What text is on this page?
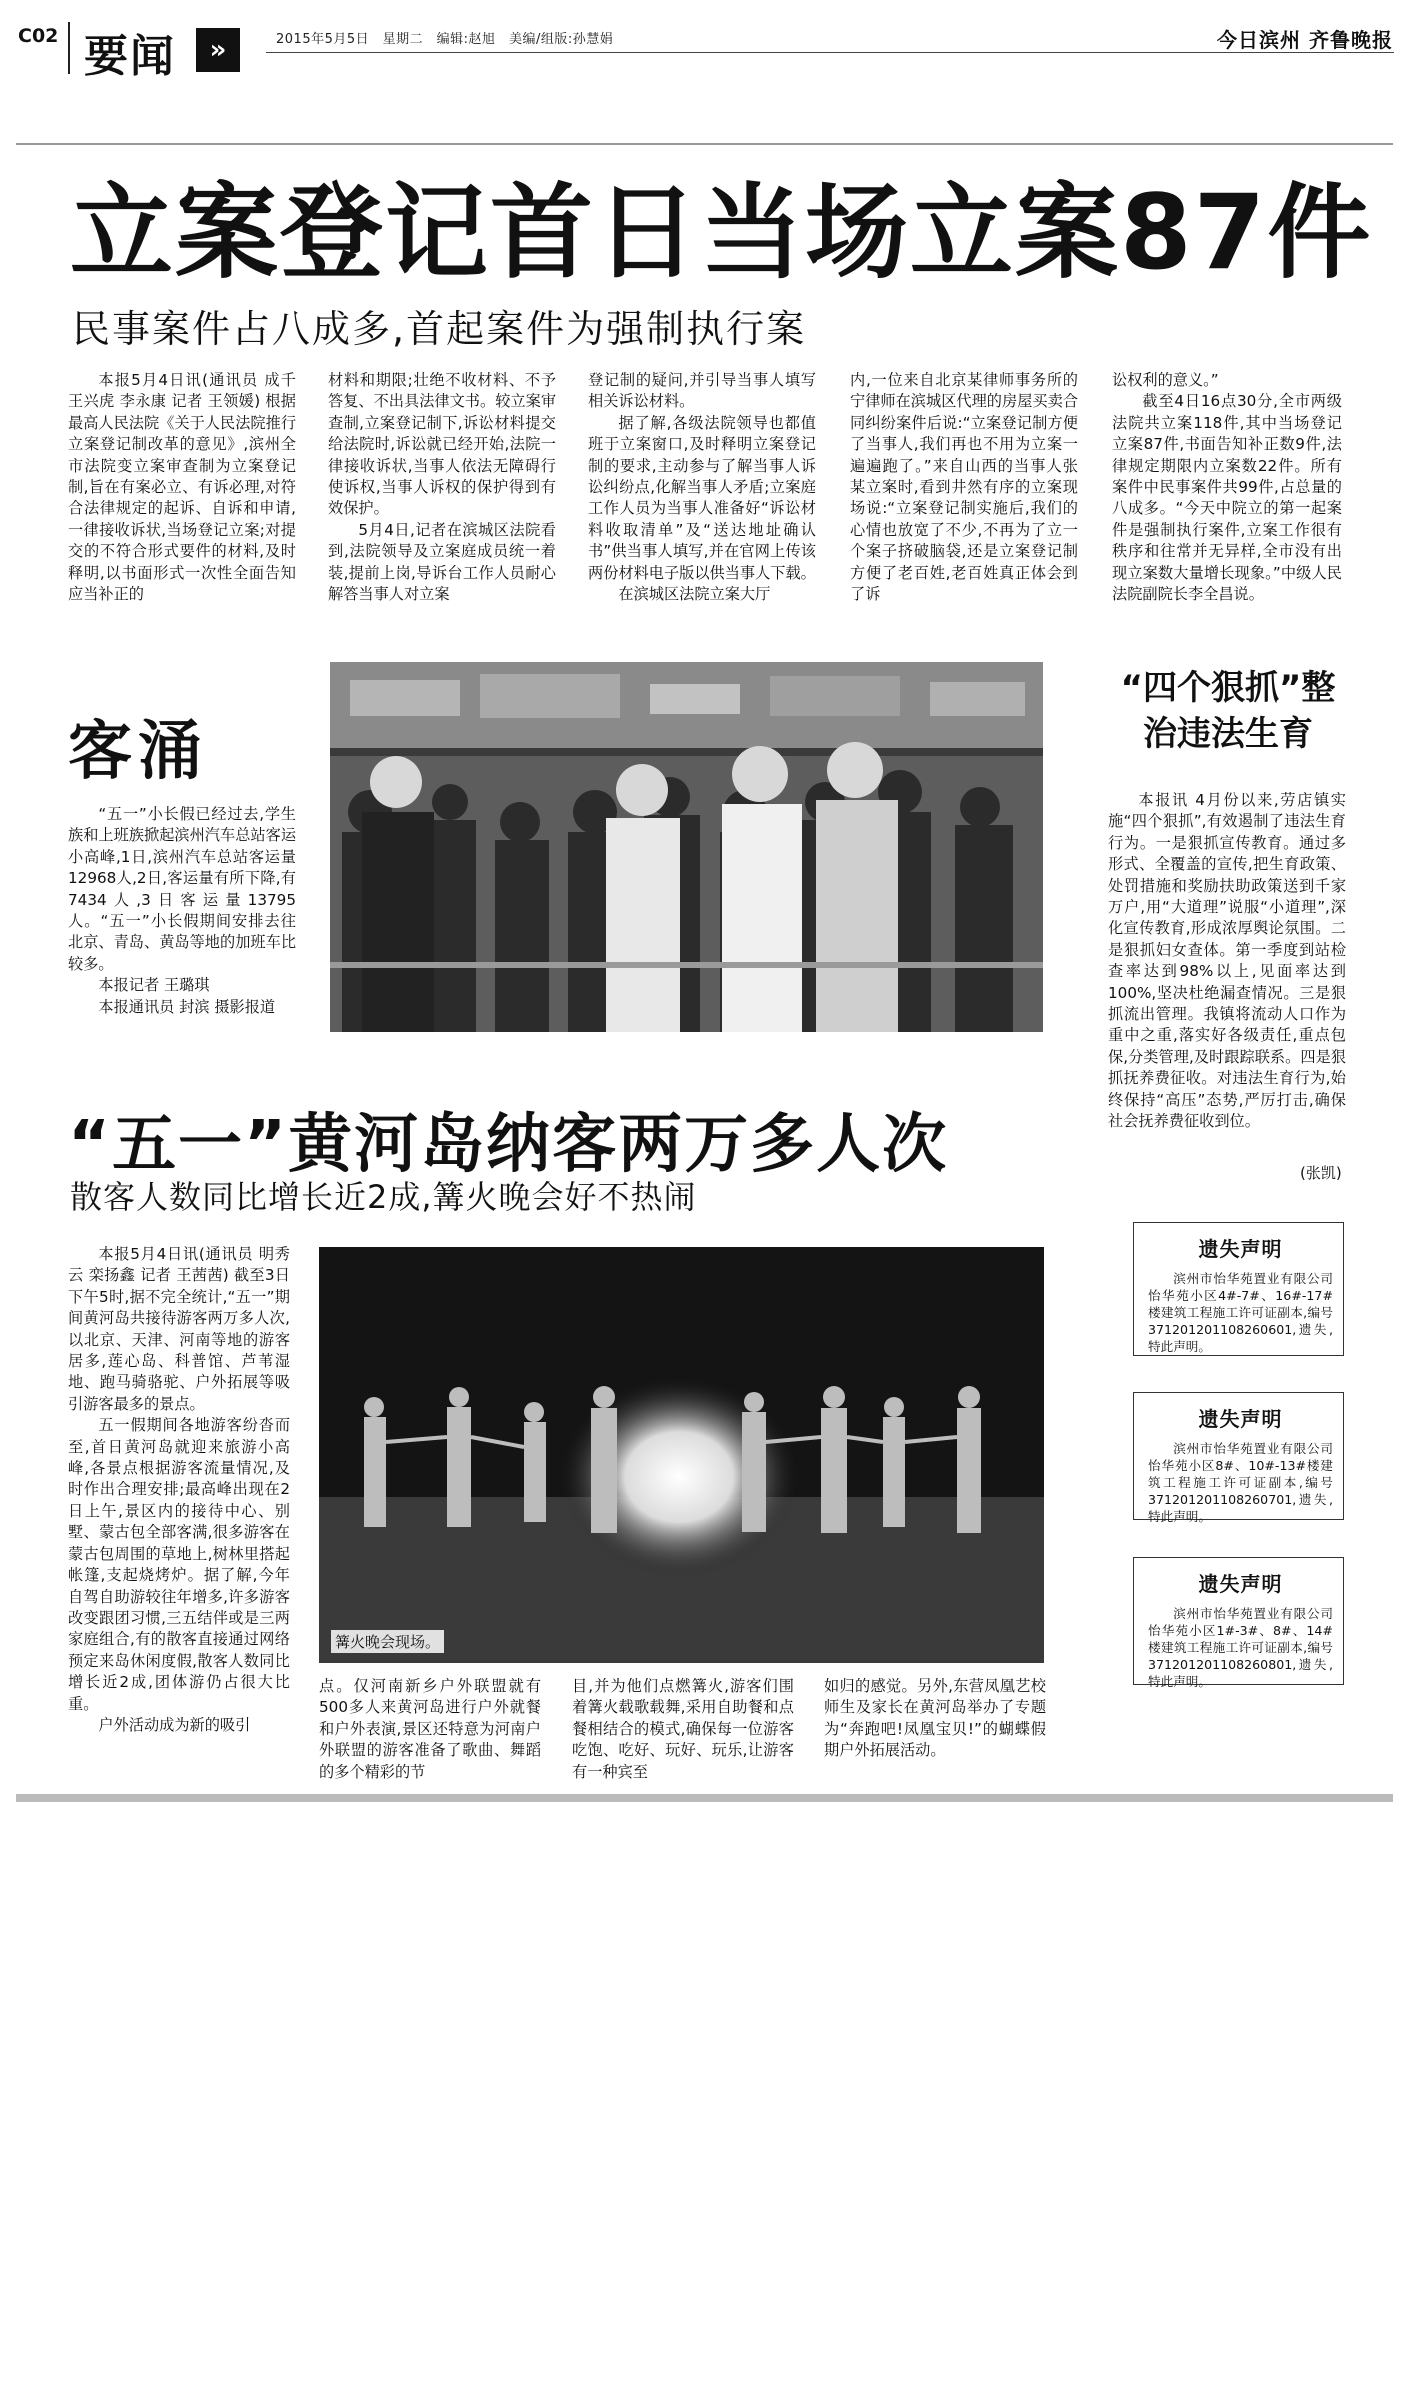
C02 要闻	»	2015年5月5日　星期二　编辑:赵旭　美编/组版:孙慧娟	今日滨州 齐鲁晚报
立案登记首日当场立案87件
民事案件占八成多,首起案件为强制执行案

本报5月4日讯(通讯员 成千 王兴虎 李永康 记者 王领媛) 根据最高人民法院《关于人民法院推行立案登记制改革的意见》,滨州全市法院变立案审查制为立案登记制,旨在有案必立、有诉必理,对符合法律规定的起诉、自诉和申请,一律接收诉状,当场登记立案;对提交的不符合形式要件的材料,及时释明,以书面形式一次性全面告知应当补正的

材料和期限;壮绝不收材料、不予答复、不出具法律文书。较立案审查制,立案登记制下,诉讼材料提交给法院时,诉讼就已经开始,法院一律接收诉状,当事人依法无障碍行使诉权,当事人诉权的保护得到有效保护。

5月4日,记者在滨城区法院看到,法院领导及立案庭成员统一着装,提前上岗,导诉台工作人员耐心解答当事人对立案

登记制的疑问,并引导当事人填写相关诉讼材料。

据了解,各级法院领导也都值班于立案窗口,及时释明立案登记制的要求,主动参与了解当事人诉讼纠纷点,化解当事人矛盾;立案庭工作人员为当事人准备好“诉讼材料收取清单”及“送达地址确认书”供当事人填写,并在官网上传该两份材料电子版以供当事人下载。

在滨城区法院立案大厅

内,一位来自北京某律师事务所的宁律师在滨城区代理的房屋买卖合同纠纷案件后说:“立案登记制方便了当事人,我们再也不用为立案一遍遍跑了。”来自山西的当事人张某立案时,看到井然有序的立案现场说:“立案登记制实施后,我们的心情也放宽了不少,不再为了立一个案子挤破脑袋,还是立案登记制方便了老百姓,老百姓真正体会到了诉

讼权利的意义。”

截至4日16点30分,全市两级法院共立案118件,其中当场登记立案87件,书面告知补正数9件,法律规定期限内立案数22件。所有案件中民事案件共99件,占总量的八成多。“今天中院立的第一起案件是强制执行案件,立案工作很有秩序和往常并无异样,全市没有出现立案数大量增长现象。”中级人民法院副院长李全昌说。

客涌

“五一”小长假已经过去,学生族和上班族掀起滨州汽车总站客运小高峰,1日,滨州汽车总站客运量12968人,2日,客运量有所下降,有7434人,3日客运量13795人。“五一”小长假期间安排去往北京、青岛、黄岛等地的加班车比较多。

本报记者 王璐琪

本报通讯员 封滨 摄影报道

“四个狠抓”整治违法生育

本报讯 4月份以来,劳店镇实施“四个狠抓”,有效遏制了违法生育行为。一是狠抓宣传教育。通过多形式、全覆盖的宣传,把生育政策、处罚措施和奖励扶助政策送到千家万户,用“大道理”说服“小道理”,深化宣传教育,形成浓厚舆论氛围。二是狠抓妇女查体。第一季度到站检查率达到98%以上,见面率达到100%,坚决杜绝漏查情况。三是狠抓流出管理。我镇将流动人口作为重中之重,落实好各级责任,重点包保,分类管理,及时跟踪联系。四是狠抓抚养费征收。对违法生育行为,始终保持“高压”态势,严厉打击,确保社会抚养费征收到位。

(张凯)
“五一”黄河岛纳客两万多人次
散客人数同比增长近2成,篝火晚会好不热闹

本报5月4日讯(通讯员 明秀云 栾扬鑫 记者 王茜茜) 截至3日下午5时,据不完全统计,“五一”期间黄河岛共接待游客两万多人次,以北京、天津、河南等地的游客居多,莲心岛、科普馆、芦苇湿地、跑马骑骆驼、户外拓展等吸引游客最多的景点。

五一假期间各地游客纷沓而至,首日黄河岛就迎来旅游小高峰,各景点根据游客流量情况,及时作出合理安排;最高峰出现在2日上午,景区内的接待中心、别墅、蒙古包全部客满,很多游客在蒙古包周围的草地上,树林里搭起帐篷,支起烧烤炉。据了解,今年自驾自助游较往年增多,许多游客改变跟团习惯,三五结伴或是三两家庭组合,有的散客直接通过网络预定来岛休闲度假,散客人数同比增长近2成,团体游仍占很大比重。

户外活动成为新的吸引

篝火晚会现场。

点。仅河南新乡户外联盟就有500多人来黄河岛进行户外就餐和户外表演,景区还特意为河南户外联盟的游客准备了歌曲、舞蹈的多个精彩的节

目,并为他们点燃篝火,游客们围着篝火载歌载舞,采用自助餐和点餐相结合的模式,确保每一位游客吃饱、吃好、玩好、玩乐,让游客有一种宾至

如归的感觉。另外,东营凤凰艺校师生及家长在黄河岛举办了专题为“奔跑吧!凤凰宝贝!”的蝴蝶假期户外拓展活动。

遗失声明
滨州市怡华苑置业有限公司怡华苑小区4#-7#、16#-17#楼建筑工程施工许可证副本,编号371201201108260601,遗失,特此声明。
遗失声明
滨州市怡华苑置业有限公司怡华苑小区8#、10#-13#楼建筑工程施工许可证副本,编号371201201108260701,遗失,特此声明。
遗失声明
滨州市怡华苑置业有限公司怡华苑小区1#-3#、8#、14#楼建筑工程施工许可证副本,编号371201201108260801,遗失,特此声明。
